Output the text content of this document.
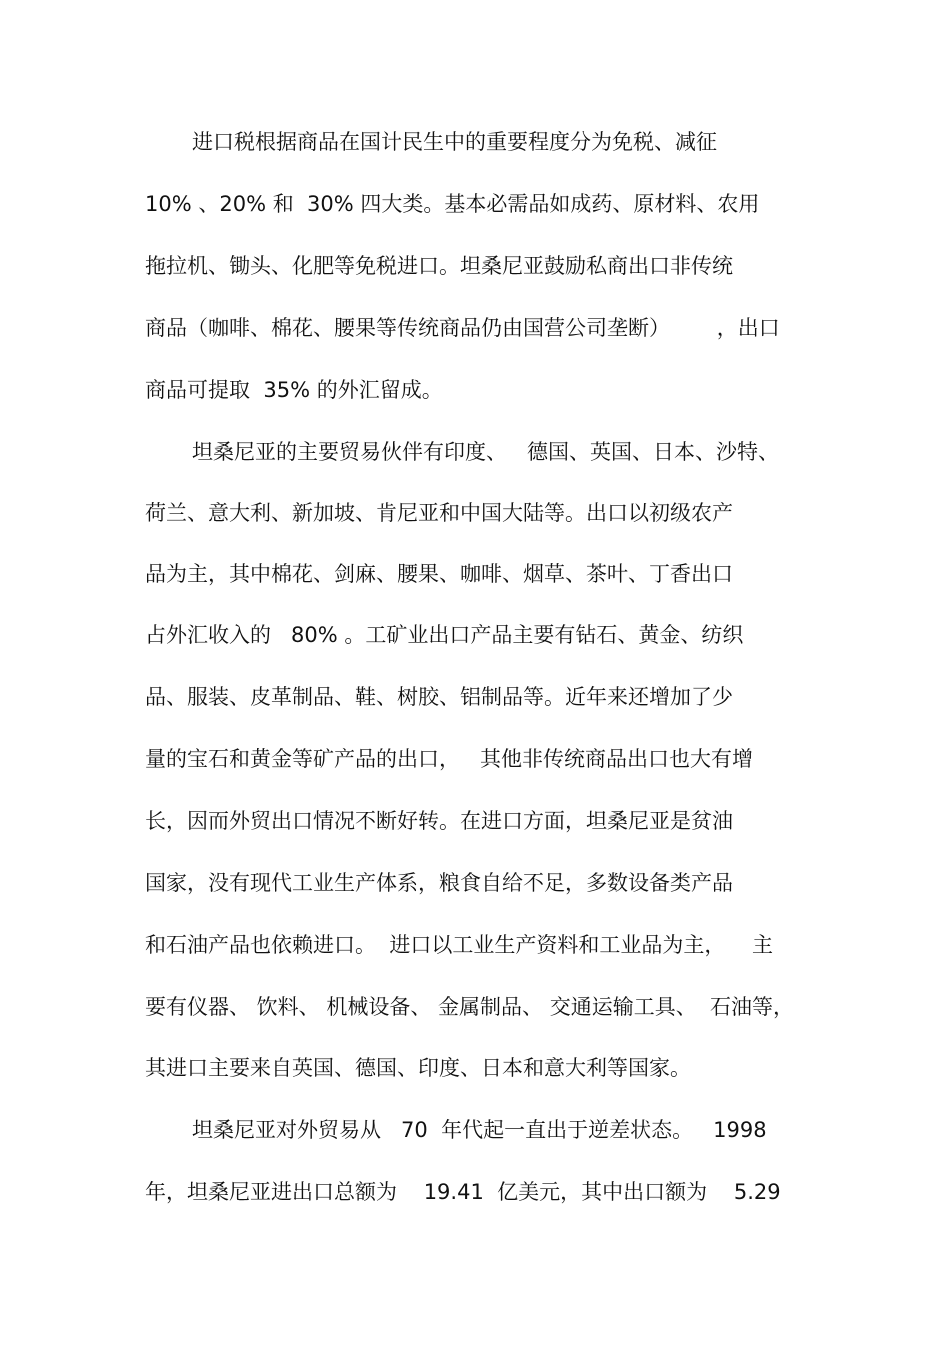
进口税根据商品在国计民生中的重要程度分为免税、减征
10% 、20% 和  30% 四大类。基本必需品如成药、原材料、农用
拖拉机、锄头、化肥等免税进口。坦桑尼亚鼓励私商出口非传统
商品（咖啡、棉花、腰果等传统商品仍由国营公司垄断）       ，出口
商品可提取  35% 的外汇留成。
坦桑尼亚的主要贸易伙伴有印度、   德国、英国、日本、沙特、
荷兰、意大利、新加坡、肯尼亚和中国大陆等。出口以初级农产
品为主，其中棉花、剑麻、腰果、咖啡、烟草、茶叶、丁香出口
占外汇收入的   80% 。工矿业出口产品主要有钻石、黄金、纺织
品、服装、皮革制品、鞋、树胶、铝制品等。近年来还增加了少
量的宝石和黄金等矿产品的出口，   其他非传统商品出口也大有增
长，因而外贸出口情况不断好转。在进口方面，坦桑尼亚是贫油
国家，没有现代工业生产体系，粮食自给不足，多数设备类产品
和石油产品也依赖进口。  进口以工业生产资料和工业品为主，    主
要有仪器、 饮料、 机械设备、 金属制品、 交通运输工具、  石油等，
其进口主要来自英国、德国、印度、日本和意大利等国家。
坦桑尼亚对外贸易从   70  年代起一直出于逆差状态。   1998
年，坦桑尼亚进出口总额为    19.41  亿美元，其中出口额为    5.29
